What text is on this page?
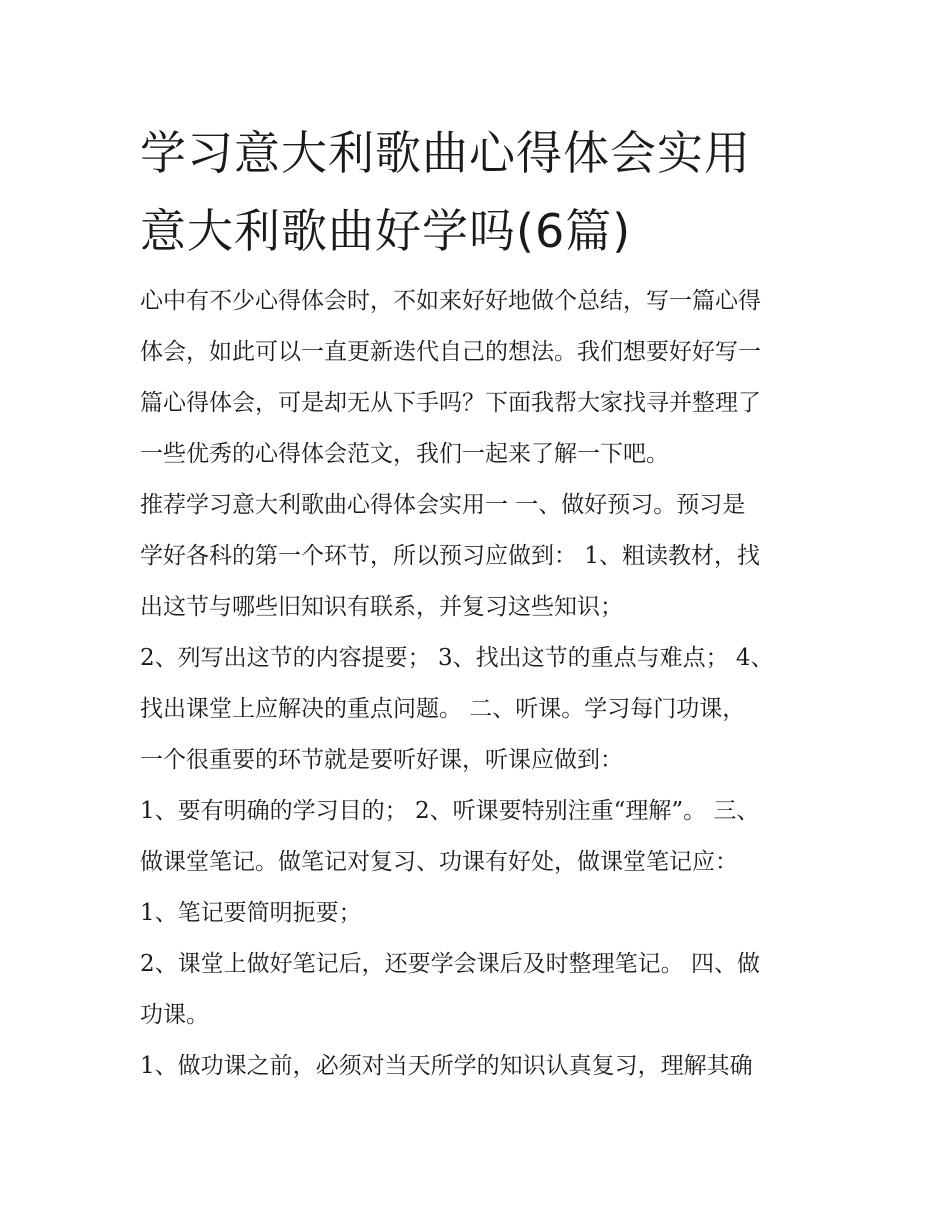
学习意大利歌曲心得体会实用
意大利歌曲好学吗(6篇)

心中有不少心得体会时，不如来好好地做个总结，写一篇心得

体会，如此可以一直更新迭代自己的想法。我们想要好好写一

篇心得体会，可是却无从下手吗？下面我帮大家找寻并整理了

一些优秀的心得体会范文，我们一起来了解一下吧。

推荐学习意大利歌曲心得体会实用一 一、做好预习。预习是

学好各科的第一个环节，所以预习应做到： 1、粗读教材，找

出这节与哪些旧知识有联系，并复习这些知识；

2、列写出这节的内容提要； 3、找出这节的重点与难点； 4、

找出课堂上应解决的重点问题。 二、听课。学习每门功课，

一个很重要的环节就是要听好课，听课应做到：

1、要有明确的学习目的； 2、听课要特别注重“理解”。 三、

做课堂笔记。做笔记对复习、功课有好处，做课堂笔记应：

1、笔记要简明扼要；

2、课堂上做好笔记后，还要学会课后及时整理笔记。 四、做

功课。

1、做功课之前，必须对当天所学的知识认真复习，理解其确
